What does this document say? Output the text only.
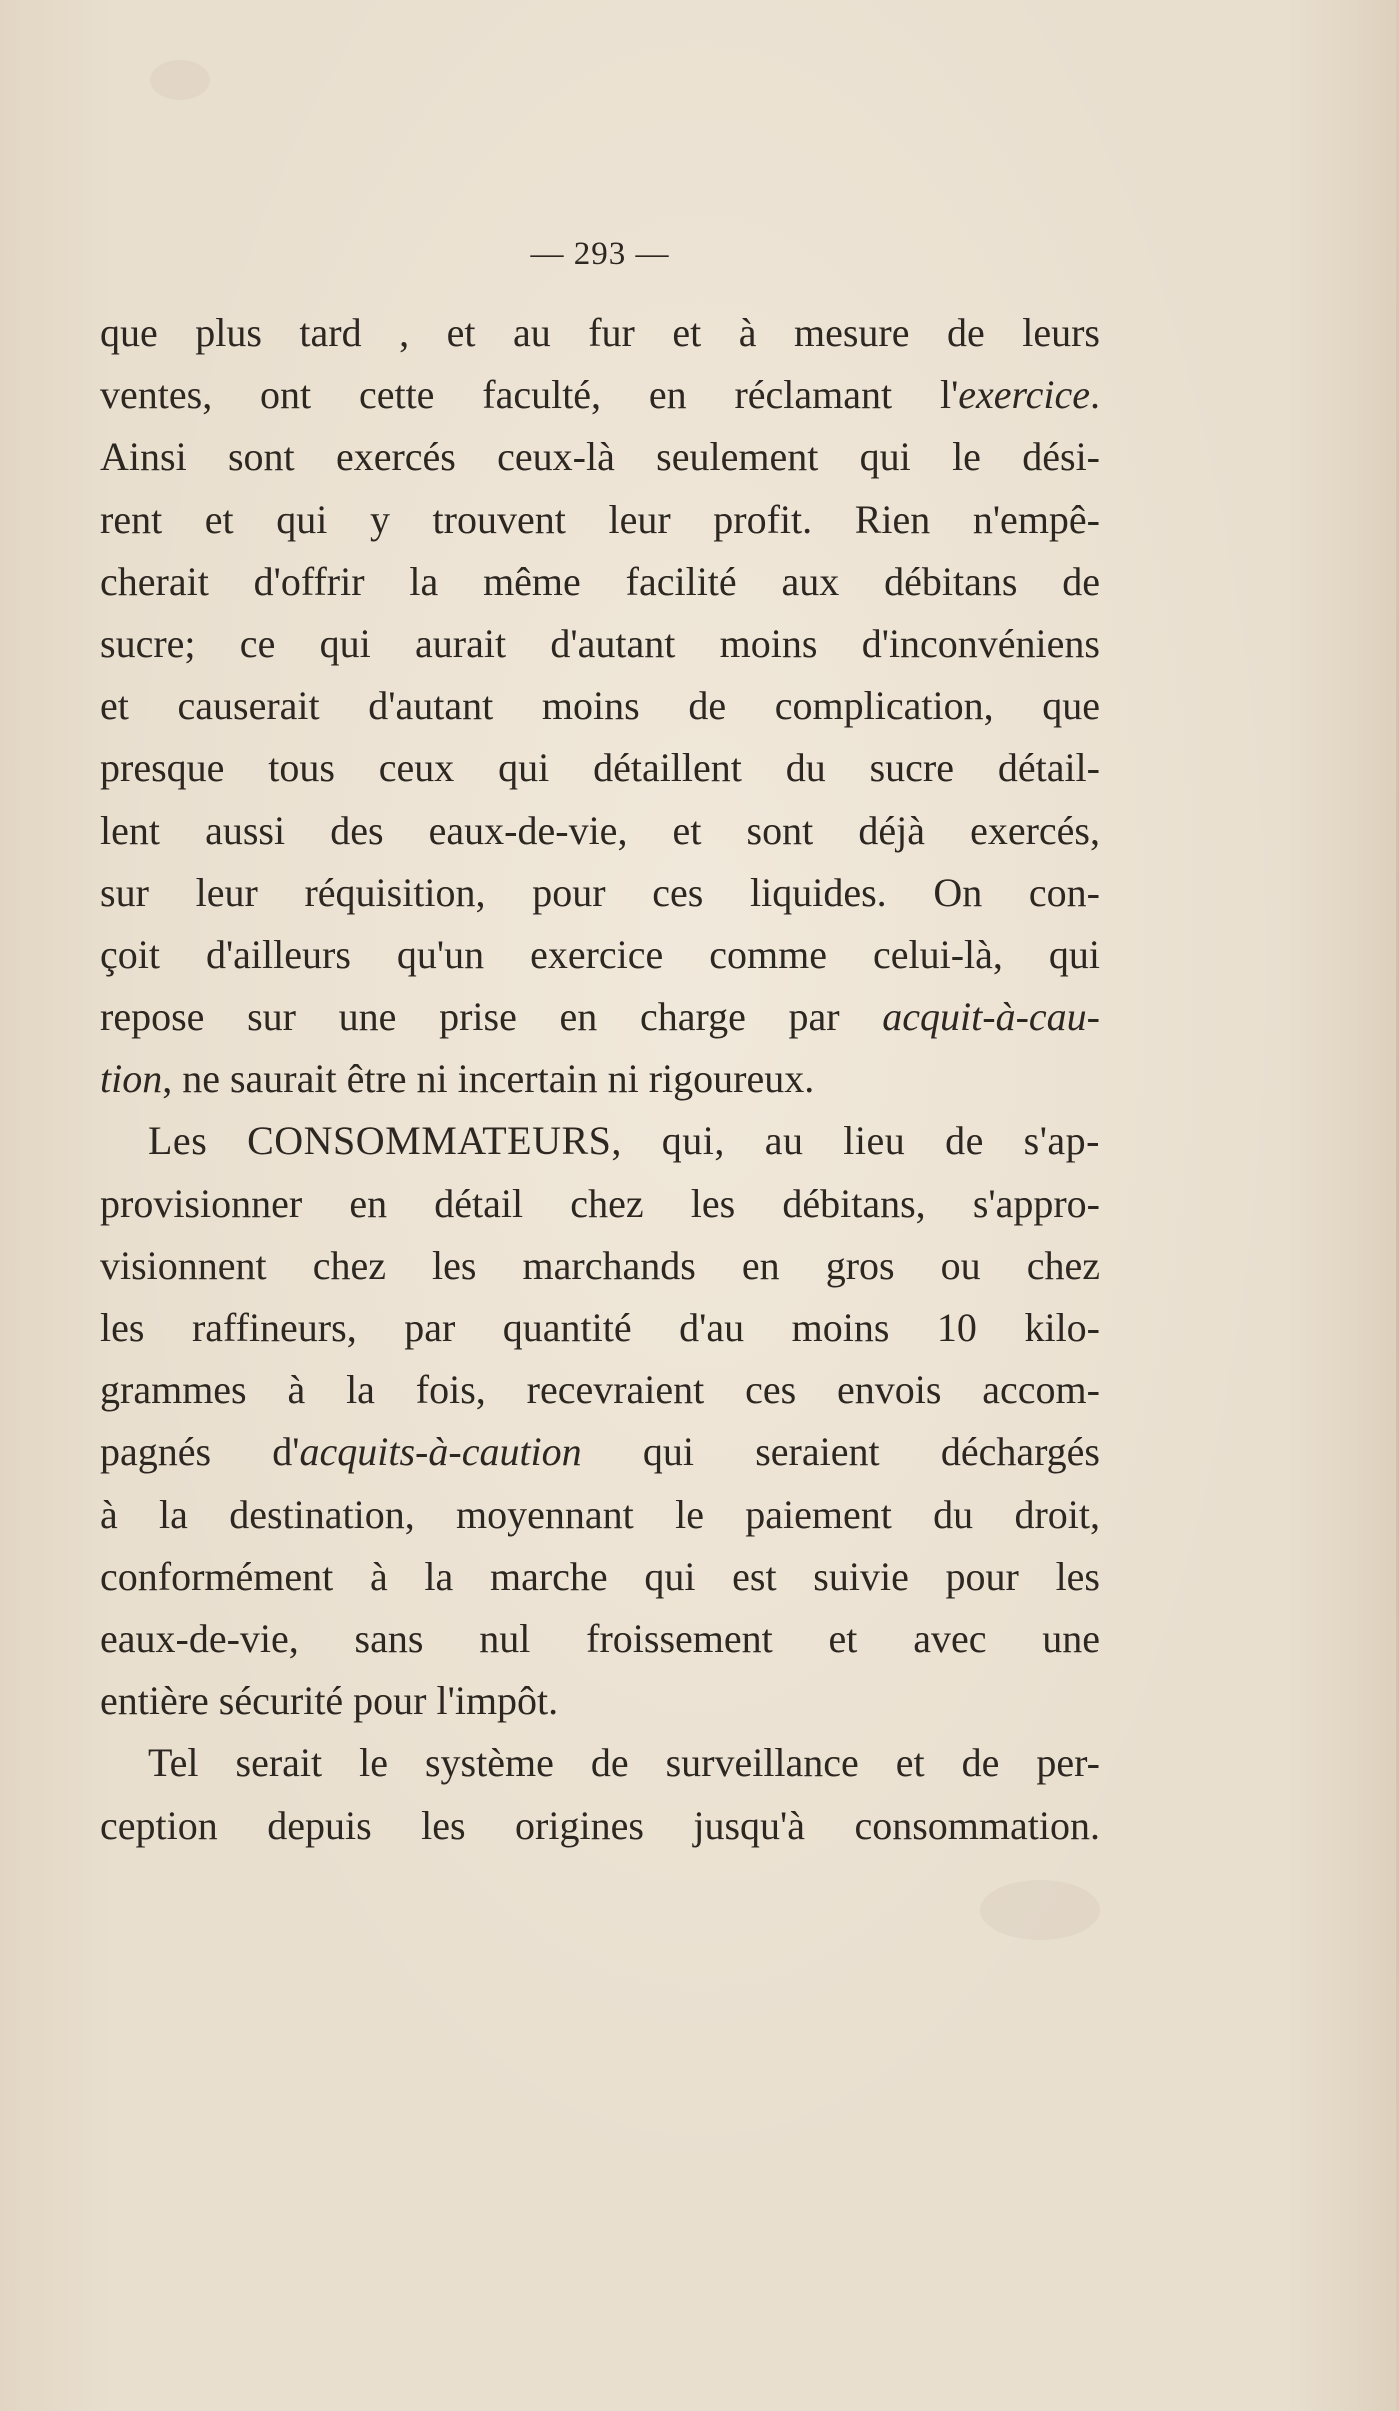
— 293 —
que plus tard , et au fur et à mesure de leurs
ventes, ont cette faculté, en réclamant l'exercice.
Ainsi sont exercés ceux-là seulement qui le dési-
rent et qui y trouvent leur profit. Rien n'empê-
cherait d'offrir la même facilité aux débitans de
sucre; ce qui aurait d'autant moins d'inconvéniens
et causerait d'autant moins de complication, que
presque tous ceux qui détaillent du sucre détail-
lent aussi des eaux-de-vie, et sont déjà exercés,
sur leur réquisition, pour ces liquides. On con-
çoit d'ailleurs qu'un exercice comme celui-là, qui
repose sur une prise en charge par acquit-à-cau-
tion, ne saurait être ni incertain ni rigoureux.
Les CONSOMMATEURS, qui, au lieu de s'ap-
provisionner en détail chez les débitans, s'appro-
visionnent chez les marchands en gros ou chez
les raffineurs, par quantité d'au moins 10 kilo-
grammes à la fois, recevraient ces envois accom-
pagnés d'acquits-à-caution qui seraient déchargés
à la destination, moyennant le paiement du droit,
conformément à la marche qui est suivie pour les
eaux-de-vie, sans nul froissement et avec une
entière sécurité pour l'impôt.
Tel serait le système de surveillance et de per-
ception depuis les origines jusqu'à consommation.
